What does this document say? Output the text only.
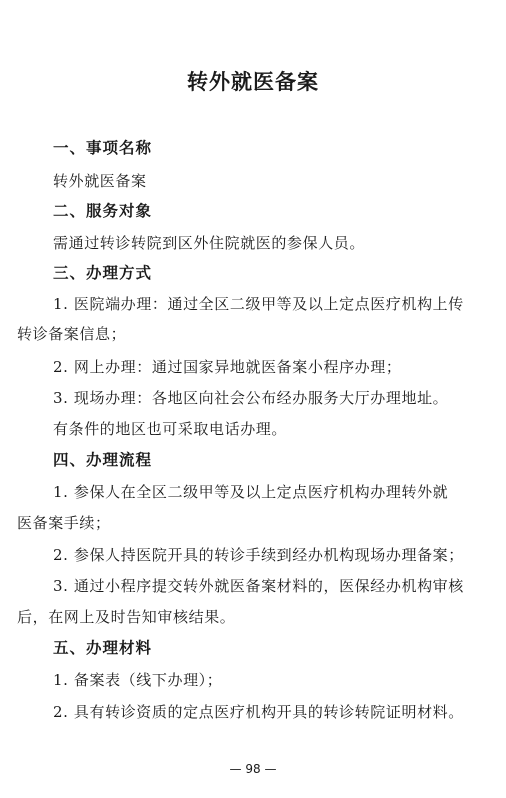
转外就医备案
一、事项名称
转外就医备案
二、服务对象
需通过转诊转院到区外住院就医的参保人员。
三、办理方式
1. 医院端办理：通过全区二级甲等及以上定点医疗机构上传
转诊备案信息；
2. 网上办理：通过国家异地就医备案小程序办理；
3. 现场办理：各地区向社会公布经办服务大厅办理地址。
有条件的地区也可采取电话办理。
四、办理流程
1. 参保人在全区二级甲等及以上定点医疗机构办理转外就
医备案手续；
2. 参保人持医院开具的转诊手续到经办机构现场办理备案；
3. 通过小程序提交转外就医备案材料的，医保经办机构审核
后，在网上及时告知审核结果。
五、办理材料
1. 备案表（线下办理）；
2. 具有转诊资质的定点医疗机构开具的转诊转院证明材料。
— 98 —
